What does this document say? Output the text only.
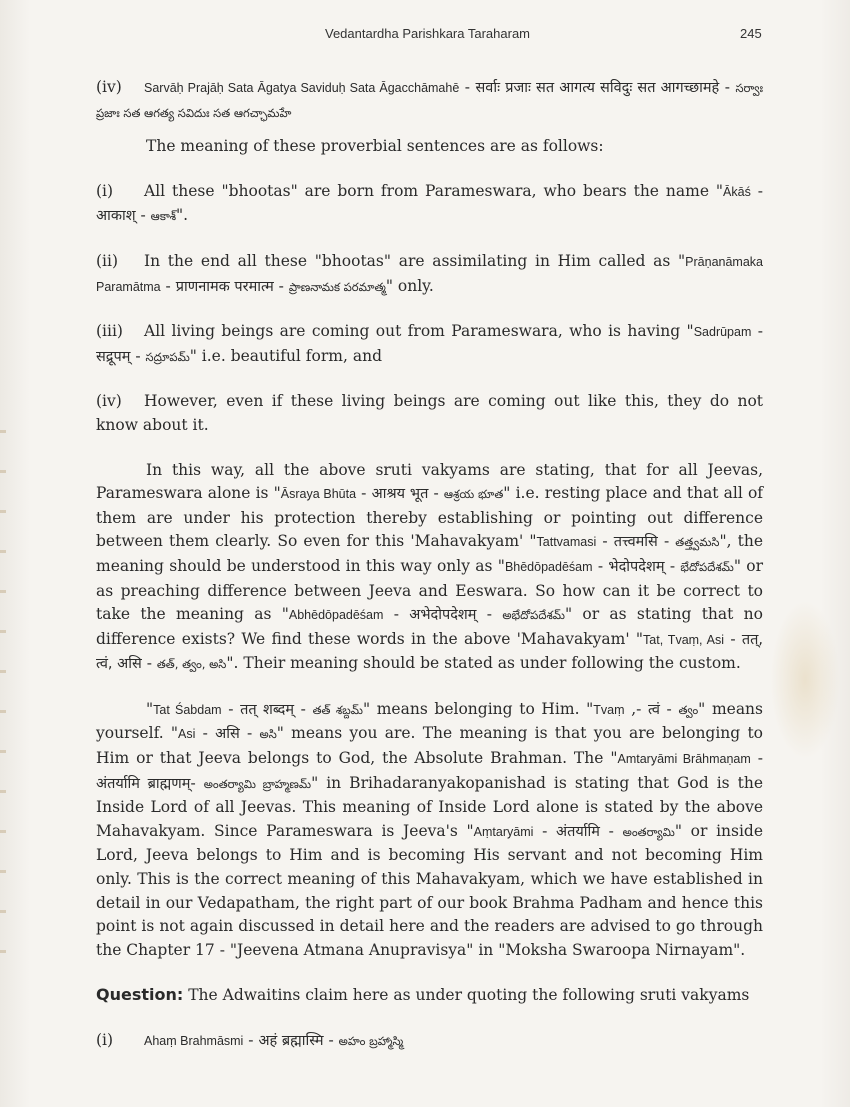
Vedantardha Parishkara Taraharam	245

(iv) Sarvāḥ Prajāḥ Sata Āgatya Saviduḥ Sata Āgacchāmahē - सर्वाः प्रजाः सत आगत्य सविदुः सत आगच्छामहे - సర్వాః ప్రజాః సత ఆగత్య సవిదుః సత ఆగచ్ఛామహే

The meaning of these proverbial sentences are as follows:

(i) All these "bhootas" are born from Parameswara, who bears the name "Ākāś - आकाश् - ఆకాశ్".

(ii) In the end all these "bhootas" are assimilating in Him called as "Prāṇanāmaka Paramātma - प्राणनामक परमात्म - ప్రాణనామక పరమాత్మ" only.

(iii) All living beings are coming out from Parameswara, who is having "Sadrūpam - सद्रूपम् - సద్రూపమ్" i.e. beautiful form, and

(iv) However, even if these living beings are coming out like this, they do not know about it.

In this way, all the above sruti vakyams are stating, that for all Jeevas, Parameswara alone is "Āsraya Bhūta - आश्रय भूत - ఆశ్రయ భూత" i.e. resting place and that all of them are under his protection thereby establishing or pointing out difference between them clearly. So even for this 'Mahavakyam' "Tattvamasi - तत्त्वमसि - తత్త్వమసి", the meaning should be understood in this way only as "Bhēdōpadēśam - भेदोपदेशम् - భేదోపదేశమ్" or as preaching difference between Jeeva and Eeswara. So how can it be correct to take the meaning as "Abhēdōpadēśam - अभेदोपदेशम् - అభేదోపదేశమ్" or as stating that no difference exists? We find these words in the above 'Mahavakyam' "Tat, Tvaṃ, Asi - तत्, त्वं, असि - తత్, త్వం, అసి". Their meaning should be stated as under following the custom.

"Tat Śabdam - तत् शब्दम् - తత్ శబ్దమ్" means belonging to Him. "Tvaṃ ,- त्वं - త్వం" means yourself. "Asi - असि - అసి" means you are. The meaning is that you are belonging to Him or that Jeeva belongs to God, the Absolute Brahman. The "Amtaryāmi Brāhmaṇam - अंतर्यामि ब्राह्मणम्- అంతర్యామి బ్రాహ్మణమ్" in Brihadaranyakopanishad is stating that God is the Inside Lord of all Jeevas. This meaning of Inside Lord alone is stated by the above Mahavakyam. Since Parameswara is Jeeva's "Aṃtaryāmi - अंतर्यामि - అంతర్యామి" or inside Lord, Jeeva belongs to Him and is becoming His servant and not becoming Him only. This is the correct meaning of this Mahavakyam, which we have established in detail in our Vedapatham, the right part of our book Brahma Padham and hence this point is not again discussed in detail here and the readers are advised to go through the Chapter 17 - "Jeevena Atmana Anupravisya" in "Moksha Swaroopa Nirnayam".

Question: The Adwaitins claim here as under quoting the following sruti vakyams

(i) Ahaṃ Brahmāsmi - अहं ब्रह्मास्मि - అహం బ్రహ్మాస్మి
